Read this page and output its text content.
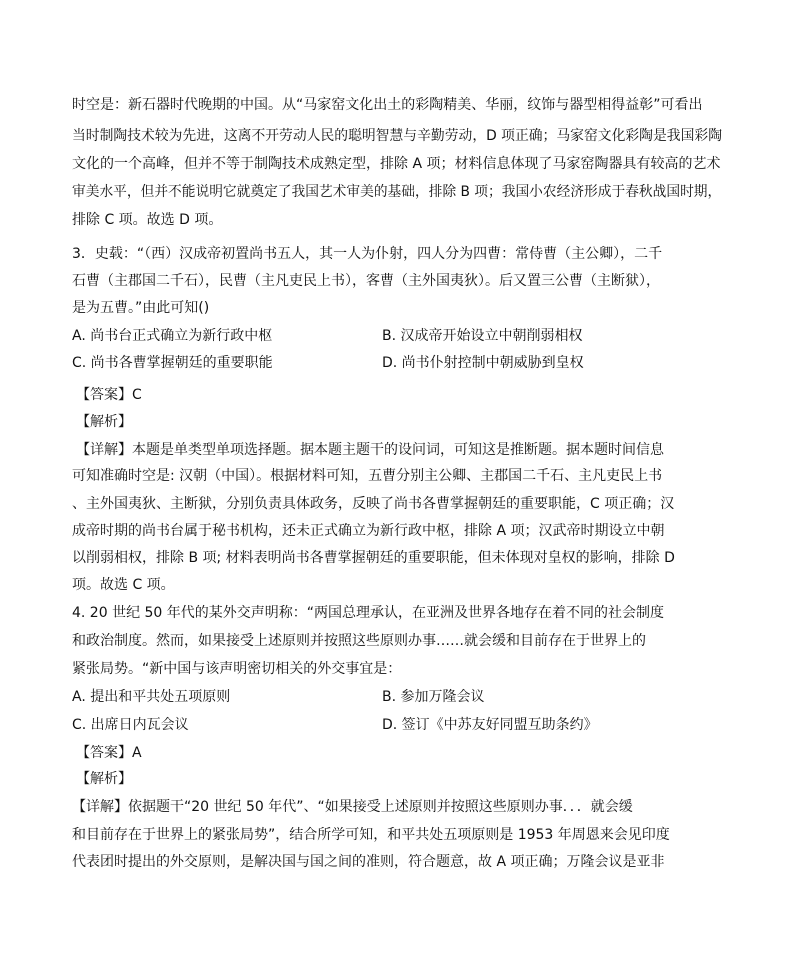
时空是：新石器时代晚期的中国。从“马家窑文化出土的彩陶精美、华丽，纹饰与器型相得益彰”可看出

当时制陶技术较为先进，这离不开劳动人民的聪明智慧与辛勤劳动，D 项正确；马家窑文化彩陶是我国彩陶

文化的一个高峰，但并不等于制陶技术成熟定型，排除 A 项；材料信息体现了马家窑陶器具有较高的艺术

审美水平，但并不能说明它就奠定了我国艺术审美的基础，排除 B 项；我国小农经济形成于春秋战国时期，

排除 C 项。故选 D 项。

3．史载：“（西）汉成帝初置尚书五人，其一人为仆射，四人分为四曹：常侍曹（主公卿），二千

石曹（主郡国二千石），民曹（主凡吏民上书），客曹（主外国夷狄）。后又置三公曹（主断狱），

是为五曹。”由此可知()

A. 尚书台正式确立为新行政中枢	B. 汉成帝开始设立中朝削弱相权

C. 尚书各曹掌握朝廷的重要职能	D. 尚书仆射控制中朝威胁到皇权

【答案】C

【解析】

【详解】本题是单类型单项选择题。据本题主题干的设问词，可知这是推断题。据本题时间信息

可知准确时空是: 汉朝（中国）。根据材料可知，五曹分别主公卿、主郡国二千石、主凡吏民上书

、主外国夷狄、主断狱，分别负责具体政务，反映了尚书各曹掌握朝廷的重要职能，C 项正确；汉

成帝时期的尚书台属于秘书机构，还未正式确立为新行政中枢，排除 A 项；汉武帝时期设立中朝

以削弱相权，排除 B 项; 材料表明尚书各曹掌握朝廷的重要职能，但未体现对皇权的影响，排除 D

项。故选 C 项。

4. 20 世纪 50 年代的某外交声明称：“两国总理承认，在亚洲及世界各地存在着不同的社会制度

和政治制度。然而，如果接受上述原则并按照这些原则办事……就会缓和目前存在于世界上的

紧张局势。“新中国与该声明密切相关的外交事宜是：

A. 提出和平共处五项原则	B. 参加万隆会议

C. 出席日内瓦会议	D. 签订《中苏友好同盟互助条约》

【答案】A

【解析】

【详解】依据题干“20 世纪 50 年代”、“如果接受上述原则并按照这些原则办事．．．就会缓

和目前存在于世界上的紧张局势”，结合所学可知，和平共处五项原则是 1953 年周恩来会见印度

代表团时提出的外交原则，是解决国与国之间的准则，符合题意，故 A 项正确；万隆会议是亚非
